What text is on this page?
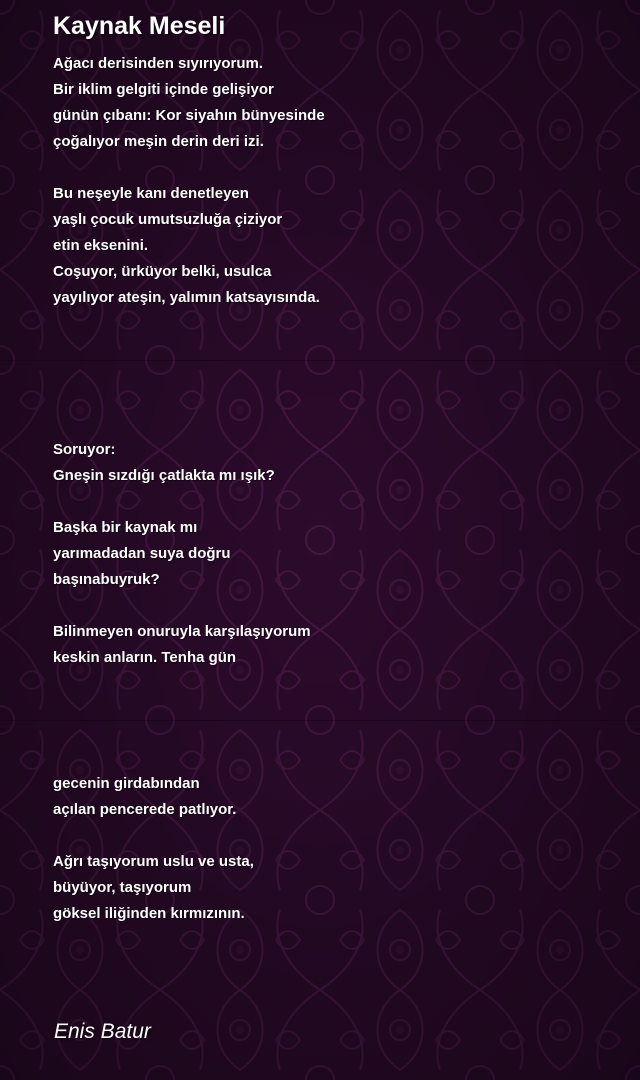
Kaynak Meseli
Ağacı derisinden sıyırıyorum.
Bir iklim gelgiti içinde gelişiyor
günün çıbanı: Kor siyahın bünyesinde
çoğalıyor meşin derin deri izi.
Bu neşeyle kanı denetleyen
yaşlı çocuk umutsuzluğa çiziyor
etin eksenini.
Coşuyor, ürküyor belki, usulca
yayılıyor ateşin, yalımın katsayısında.
Soruyor:
Gneşin sızdığı çatlakta mı ışık?
Başka bir kaynak mı
yarımadadan suya doğru
başınabuyruk?
Bilinmeyen onuruyla karşılaşıyorum
keskin anların. Tenha gün
gecenin girdabından
açılan pencerede patlıyor.
Ağrı taşıyorum uslu ve usta,
büyüyor, taşıyorum
göksel iliğinden kırmızının.
Enis Batur
